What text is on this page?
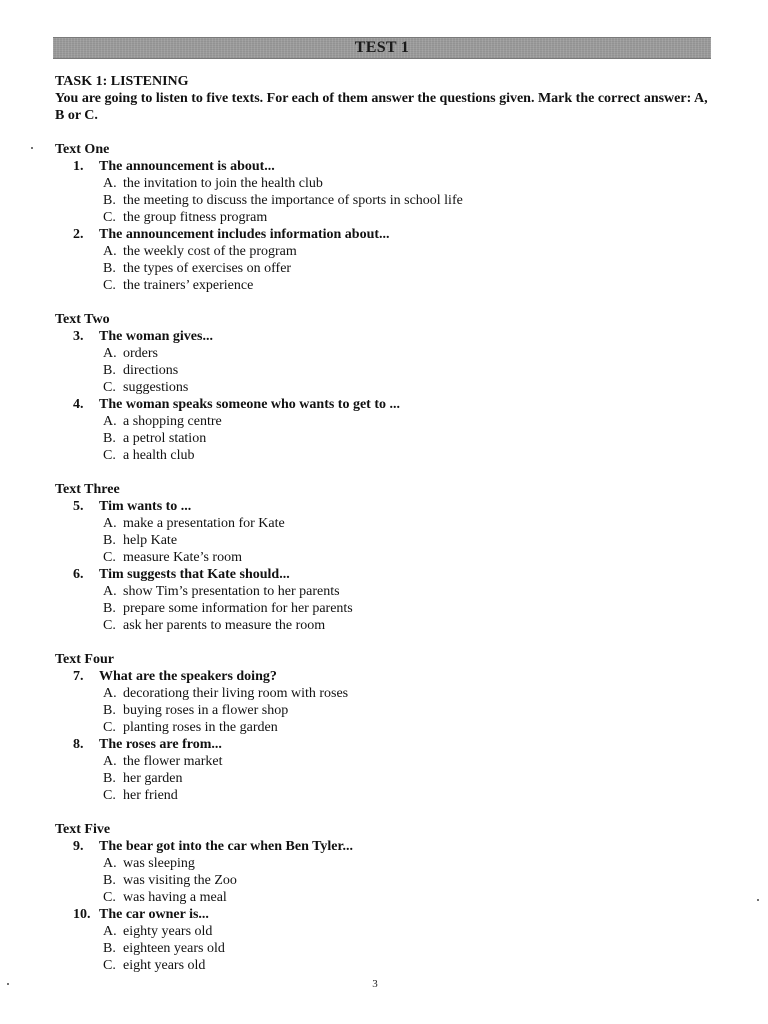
TEST 1

TASK 1: LISTENING

You are going to listen to five texts. For each of them answer the questions given. Mark the correct answer: A, B or C.

Text One

1.	The announcement is about...
A. the invitation to join the health club
B. the meeting to discuss the importance of sports in school life
C. the group fitness program
2.	The announcement includes information about...
A. the weekly cost of the program
B. the types of exercises on offer
C. the trainers’ experience

Text Two

3.	The woman gives...
A. orders
B. directions
C. suggestions
4.	The woman speaks someone who wants to get to ...
A. a shopping centre
B. a petrol station
C. a health club

Text Three

5.	Tim wants to ...
A. make a presentation for Kate
B. help Kate
C. measure Kate’s room
6.	Tim suggests that Kate should...
A. show Tim’s presentation to her parents
B. prepare some information for her parents
C. ask her parents to measure the room

Text Four

7.	What are the speakers doing?
A. decorationg their living room with roses
B. buying roses in a flower shop
C. planting roses in the garden
8.	The roses are from...
A. the flower market
B. her garden
C. her friend

Text Five

9.	The bear got into the car when Ben Tyler...
A. was sleeping
B. was visiting the Zoo
C. was having a meal
10. The car owner is...
A. eighty years old
B. eighteen years old
C. eight years old
3
